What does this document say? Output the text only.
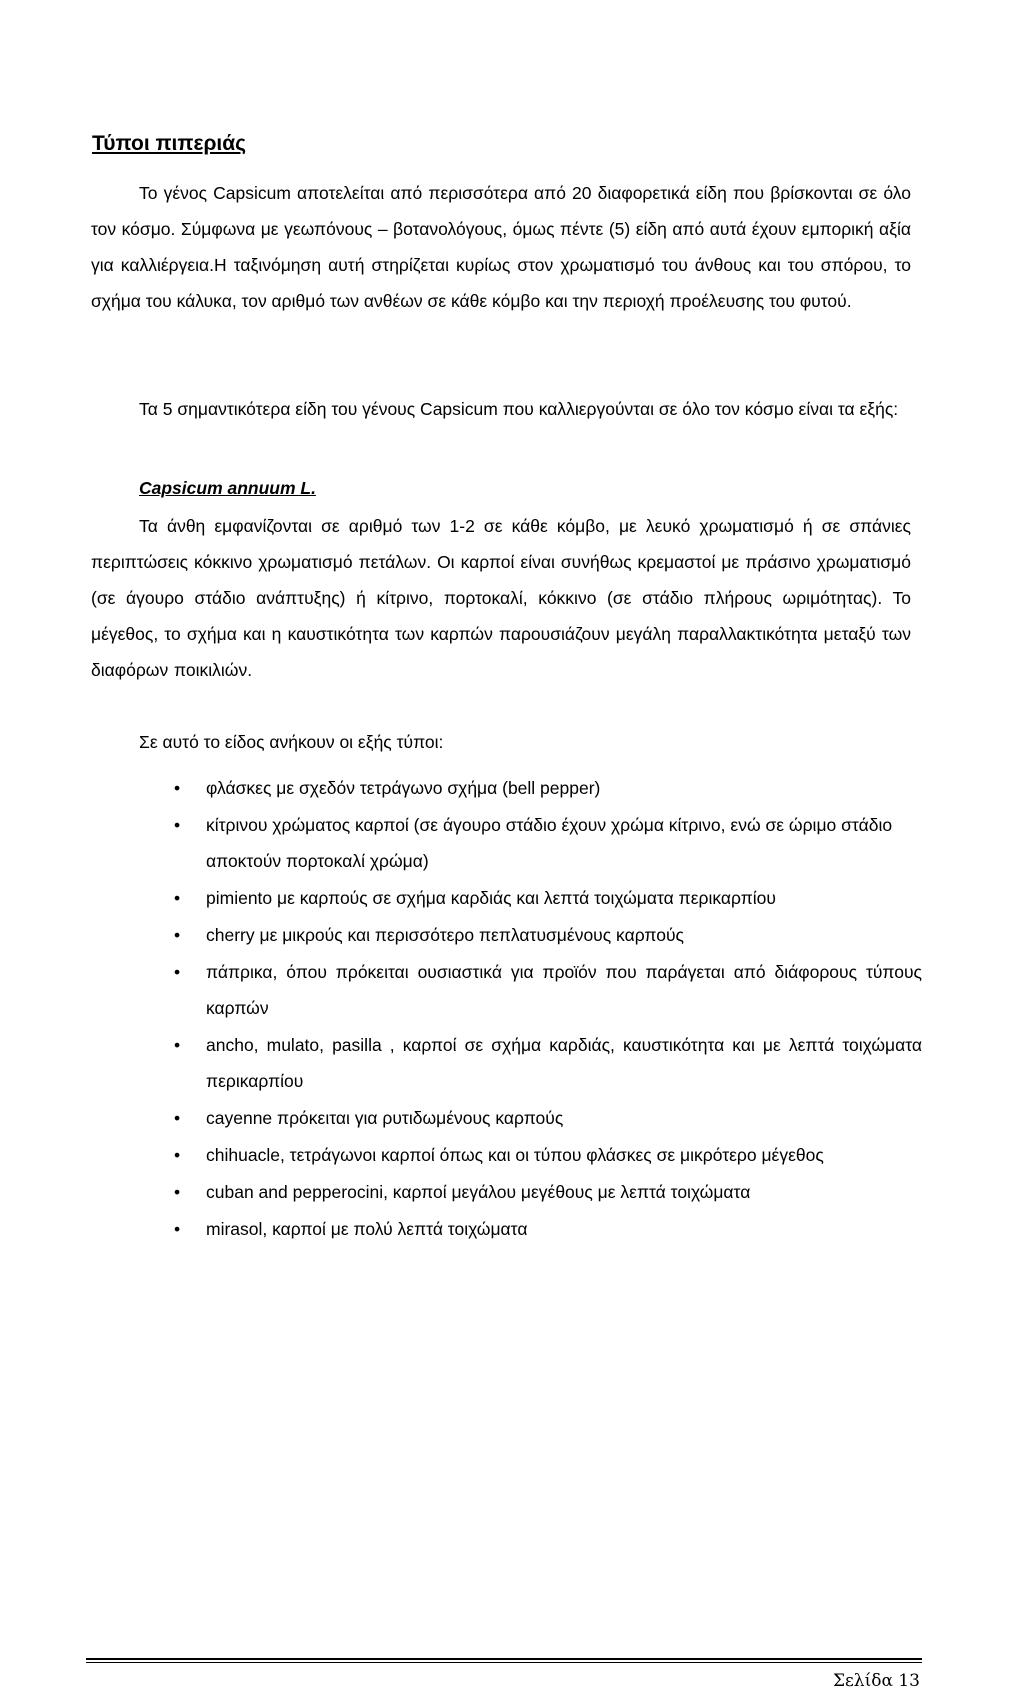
Τύποι πιπεριάς

Το γένος Capsicum αποτελείται από περισσότερα από 20 διαφορετικά είδη που βρίσκονται σε όλο τον κόσμο. Σύμφωνα με γεωπόνους – βοτανολόγους, όμως πέντε (5) είδη από αυτά έχουν εμπορική αξία για καλλιέργεια.Η ταξινόμηση αυτή στηρίζεται κυρίως στον χρωματισμό του άνθους και του σπόρου, το σχήμα του κάλυκα, τον αριθμό των ανθέων σε κάθε κόμβο και την περιοχή προέλευσης του φυτού.

Τα 5 σημαντικότερα είδη του γένους Capsicum που καλλιεργούνται σε όλο τον κόσμο είναι τα εξής:

Capsicum annuum L.

Τα άνθη εμφανίζονται σε αριθμό των 1-2 σε κάθε κόμβο, με λευκό χρωματισμό ή σε σπάνιες περιπτώσεις κόκκινο χρωματισμό πετάλων. Οι καρποί είναι συνήθως κρεμαστοί με πράσινο χρωματισμό (σε άγουρο στάδιο ανάπτυξης) ή κίτρινο, πορτοκαλί, κόκκινο (σε στάδιο πλήρους ωριμότητας). Το μέγεθος, το σχήμα και η καυστικότητα των καρπών παρουσιάζουν μεγάλη παραλλακτικότητα μεταξύ των διαφόρων ποικιλιών.

Σε αυτό το είδος ανήκουν οι εξής τύποι:

• φλάσκες με σχεδόν τετράγωνο σχήμα (bell pepper)
• κίτρινου χρώματος καρποί (σε άγουρο στάδιο έχουν χρώμα κίτρινο, ενώ σε ώριμο στάδιο αποκτούν πορτοκαλί χρώμα)
• pimiento με καρπούς σε σχήμα καρδιάς και λεπτά τοιχώματα περικαρπίου
• cherry με μικρούς και περισσότερο πεπλατυσμένους καρπούς
• πάπρικα, όπου πρόκειται ουσιαστικά για προϊόν που παράγεται από διάφορους τύπους καρπών
• ancho, mulato, pasilla , καρποί σε σχήμα καρδιάς, καυστικότητα και με λεπτά τοιχώματα περικαρπίου
• cayenne πρόκειται για ρυτιδωμένους καρπούς
• chihuacle, τετράγωνοι καρποί όπως και οι τύπου φλάσκες σε μικρότερο μέγεθος
• cuban and pepperocini, καρποί μεγάλου μεγέθους με λεπτά τοιχώματα
• mirasol, καρποί με πολύ λεπτά τοιχώματα

Σελίδα 13
